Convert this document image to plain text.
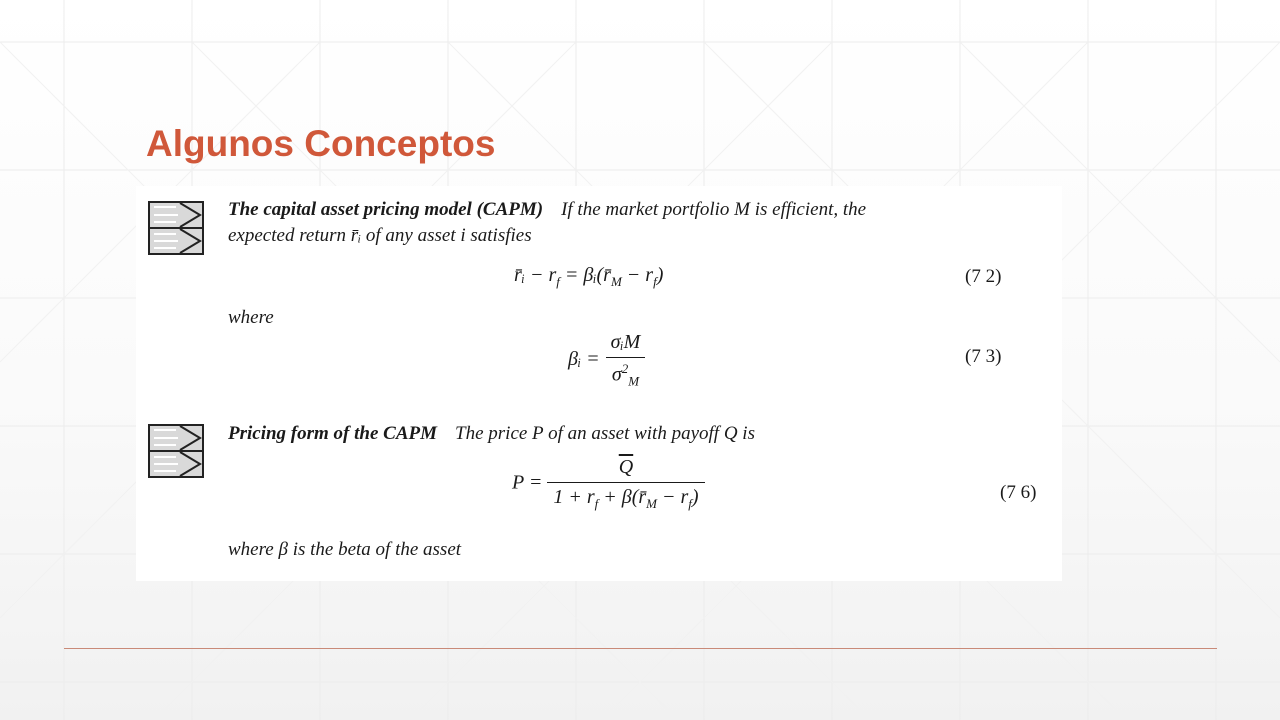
Algunos Conceptos
The capital asset pricing model (CAPM) If the market portfolio M is efficient, the
expected return r̄ᵢ of any asset i satisfies
r̄ᵢ − $r_f$ = $\beta ᵢ(r̄_M - r_f)$	(7 2)
where
βᵢ = $\frac{\text{σᵢM}}{\sigma^2_M}$	(7 3)
Pricing form of the CAPM The price P of an asset with payoff Q is
$P = \frac{\overline{Q}}{1 + r_f + \beta(r̄_M - r_f)}$	(7 6)
where β is the beta of the asset
